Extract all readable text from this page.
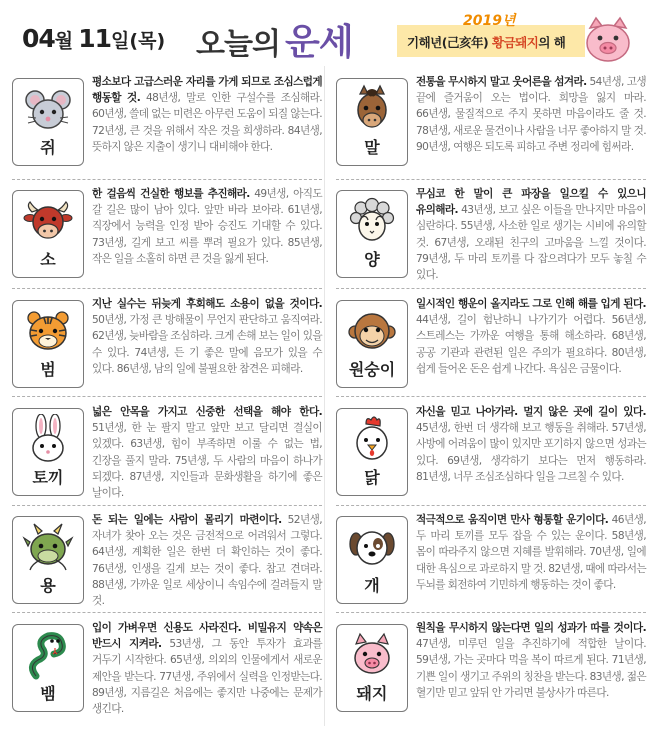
04월 11일(목) 오늘의 운세
2019년
기해년(己亥年) 황금돼지의 해
쥐
평소보다 고급스러운 자리를 가게 되므로 조심스럽게 행동할 것. 48년생, 말로 인한 구설수를 조심해라. 60년생, 쓸데 없는 미련은 아무런 도움이 되질 않는다. 72년생, 큰 것을 위해서 작은 것을 희생하라. 84년생, 뜻하지 않은 지출이 생기니 대비해야 한다.	말
전통을 무시하지 말고 웃어른을 섬겨라. 54년생, 고생 끝에 즐거움이 오는 법이다. 희망을 잃지 마라. 66년생, 물질적으로 주지 못하면 마음이라도 줄 것. 78년생, 새로운 물건이나 사람을 너무 좋아하지 말 것. 90년생, 여행은 되도록 피하고 주변 정리에 힘써라.
소
한 걸음씩 건실한 행보를 추진해라. 49년생, 아직도 갈 길은 많이 남아 있다. 앞만 바라 보아라. 61년생, 직장에서 능력을 인정 받아 승진도 기대할 수 있다. 73년생, 길게 보고 씨를 뿌려 필요가 있다. 85년생, 작은 일을 소홀히 하면 큰 것을 잃게 된다.	양
무심코 한 말이 큰 파장을 일으킬 수 있으니 유의해라. 43년생, 보고 싶은 이들을 만나지만 마음이 심란하다. 55년생, 사소한 일로 생기는 시비에 유의할 것. 67년생, 오래된 친구의 고마움을 느낄 것이다. 79년생, 두 마리 토끼를 다 잡으려다가 모두 놓칠 수 있다.
범
지난 실수는 뒤늦게 후회해도 소용이 없을 것이다. 50년생, 가정 큰 방해물이 무언지 판단하고 움직여라. 62년생, 늦바람을 조심하라. 크게 손해 보는 일이 있을 수 있다. 74년생, 든 기 좋은 말에 음모가 있을 수 있다. 86년생, 남의 일에 불필요한 참견은 피해라.	원숭이
일시적인 행운이 올지라도 그로 인해 해를 입게 된다. 44년생, 길이 험난하니 나가기가 어렵다. 56년생, 스트레스는 가까운 여행을 통해 해소하라. 68년생, 공공 기관과 관련된 일은 주의가 필요하다. 80년생, 쉽게 들어온 돈은 쉽게 나간다. 욕심은 금물이다.
토끼
넓은 안목을 가지고 신중한 선택을 해야 한다. 51년생, 한 눈 팔지 말고 앞만 보고 달리면 결실이 있겠다. 63년생, 힘이 부족하면 이룰 수 없는 법, 긴장을 풀지 말라. 75년생, 두 사람의 마음이 하나가 되겠다. 87년생, 지인들과 문화생활을 하기에 좋은 날이다.
닭
자신을 믿고 나아가라. 멀지 않은 곳에 길이 있다. 45년생, 한번 더 생각해 보고 행동을 취해라. 57년생, 사방에 어려움이 많이 있지만 포기하지 않으면 성과는 있다. 69년생, 생각하기 보다는 먼저 행동하라. 81년생, 너무 조심조심하다 일을 그르칠 수 있다.
용
돈 되는 일에는 사람이 몰리기 마련이다. 52년생, 자녀가 찾아 오는 것은 금전적으로 어려워서 그렇다. 64년생, 계획한 일은 한번 더 확인하는 것이 좋다. 76년생, 인생을 길게 보는 것이 좋다. 참고 견뎌라. 88년생, 가까운 일로 세상이니 속임수에 걸려들지 말 것.
개
적극적으로 움직이면 만사 형통할 운기이다. 46년생, 두 마리 토끼를 모두 잡을 수 있는 운이다. 58년생, 몸이 따라주지 않으면 지혜를 발휘해라. 70년생, 일에 대한 욕심으로 과로하지 말 것. 82년생, 때에 따라서는 두뇌를 회전하여 기민하게 행동하는 것이 좋다.
뱀
입이 가벼우면 신용도 사라진다. 비밀유지 약속은 반드시 지켜라. 53년생, 그 동안 투자가 효과를 거두기 시작한다. 65년생, 의외의 인물에게서 새로운 제안을 받는다. 77년생, 주위에서 실력을 인정받는다. 89년생, 지름길은 처음에는 좋지만 나중에는 문제가 생긴다.
돼지
원칙을 무시하지 않는다면 일의 성과가 따를 것이다. 47년생, 미루던 일을 추진하기에 적합한 날이다. 59년생, 가는 곳마다 먹을 복이 따르게 된다. 71년생, 기쁜 일이 생기고 주위의 칭찬을 받는다. 83년생, 젊은 혈기만 믿고 앞뒤 안 가리면 불상사가 따른다.
